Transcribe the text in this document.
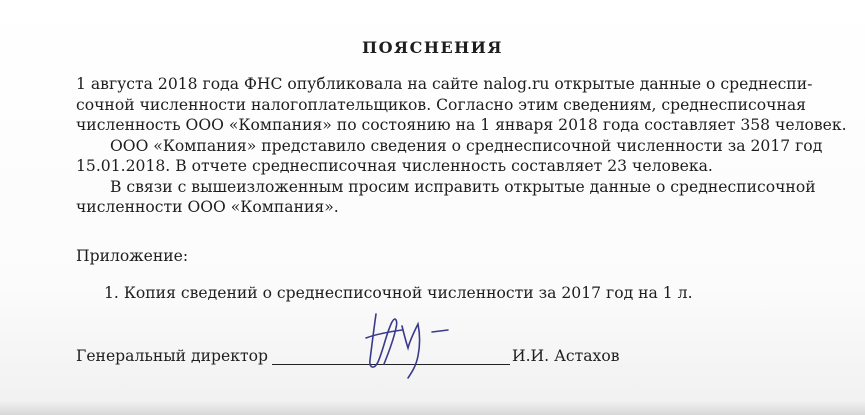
ПОЯСНЕНИЯ
1 августа 2018 года ФНС опубликовала на сайте nalog.ru открытые данные о среднеспи-
сочной численности налогоплательщиков. Согласно этим сведениям, среднесписочная
численность ООО «Компания» по состоянию на 1 января 2018 года составляет 358 человек.
ООО «Компания» представило сведения о среднесписочной численности за 2017 год
15.01.2018. В отчете среднесписочная численность составляет 23 человека.
В связи с вышеизложенным просим исправить открытые данные о среднесписочной
численности ООО «Компания».
Приложение:
1. Копия сведений о среднесписочной численности за 2017 год на 1 л.
Генеральный директор	И.И. Астахов
